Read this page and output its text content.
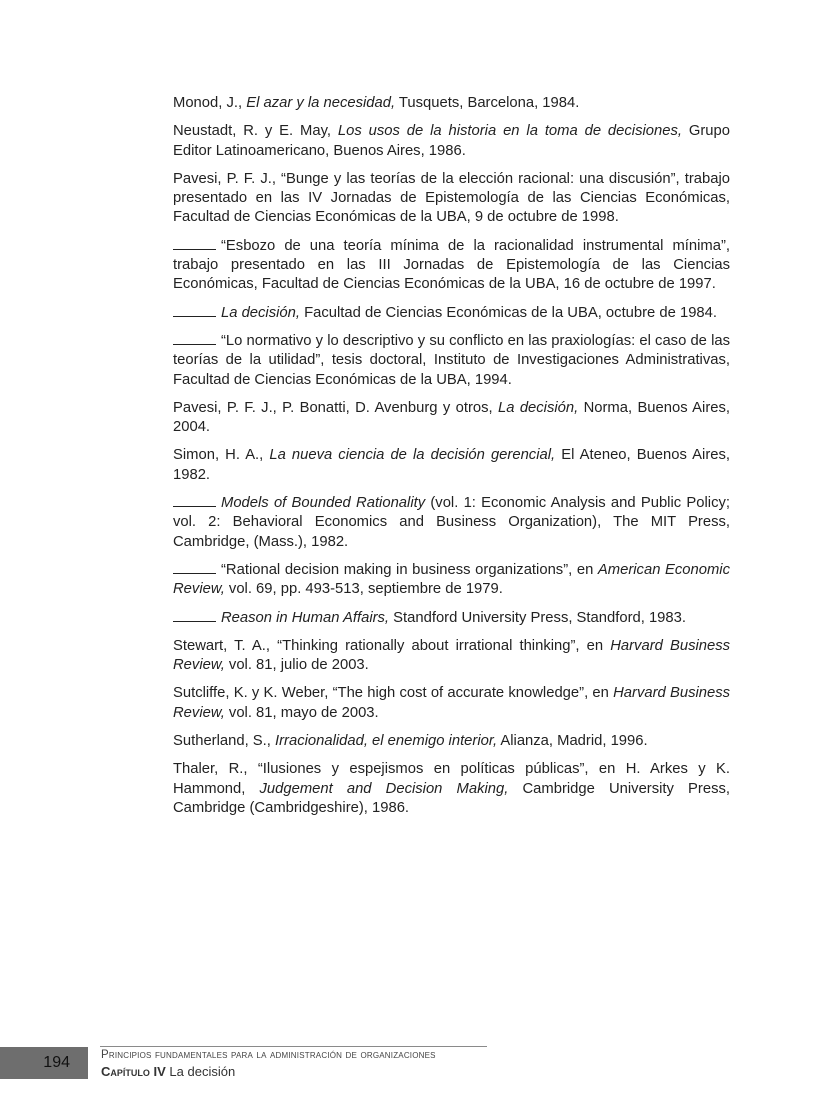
Monod, J., El azar y la necesidad, Tusquets, Barcelona, 1984.

Neustadt, R. y E. May, Los usos de la historia en la toma de decisiones, Grupo Editor Latinoamericano, Buenos Aires, 1986.

Pavesi, P. F. J., “Bunge y las teorías de la elección racional: una discusión”, trabajo presentado en las IV Jornadas de Epistemología de las Ciencias Económicas, Facultad de Ciencias Económicas de la UBA, 9 de octubre de 1998.

“Esbozo de una teoría mínima de la racionalidad instrumental mínima”, trabajo presentado en las III Jornadas de Epistemología de las Ciencias Económicas, Facultad de Ciencias Económicas de la UBA, 16 de octubre de 1997.

La decisión, Facultad de Ciencias Económicas de la UBA, octubre de 1984.

“Lo normativo y lo descriptivo y su conflicto en las praxiologías: el caso de las teorías de la utilidad”, tesis doctoral, Instituto de Investigaciones Administrativas, Facultad de Ciencias Económicas de la UBA, 1994.

Pavesi, P. F. J., P. Bonatti, D. Avenburg y otros, La decisión, Norma, Buenos Aires, 2004.

Simon, H. A., La nueva ciencia de la decisión gerencial, El Ateneo, Buenos Aires, 1982.

Models of Bounded Rationality (vol. 1: Economic Analysis and Public Policy; vol. 2: Behavioral Economics and Business Organization), The MIT Press, Cambridge, (Mass.), 1982.

“Rational decision making in business organizations”, en American Economic Review, vol. 69, pp. 493-513, septiembre de 1979.

Reason in Human Affairs, Standford University Press, Standford, 1983.

Stewart, T. A., “Thinking rationally about irrational thinking”, en Harvard Business Review, vol. 81, julio de 2003.

Sutcliffe, K. y K. Weber, “The high cost of accurate knowledge”, en Harvard Business Review, vol. 81, mayo de 2003.

Sutherland, S., Irracionalidad, el enemigo interior, Alianza, Madrid, 1996.

Thaler, R., “Ilusiones y espejismos en políticas públicas”, en H. Arkes y K. Hammond, Judgement and Decision Making, Cambridge University Press, Cambridge (Cambridgeshire), 1986.

194	Principios fundamentales para la administración de organizaciones
Capítulo IV La decisión
